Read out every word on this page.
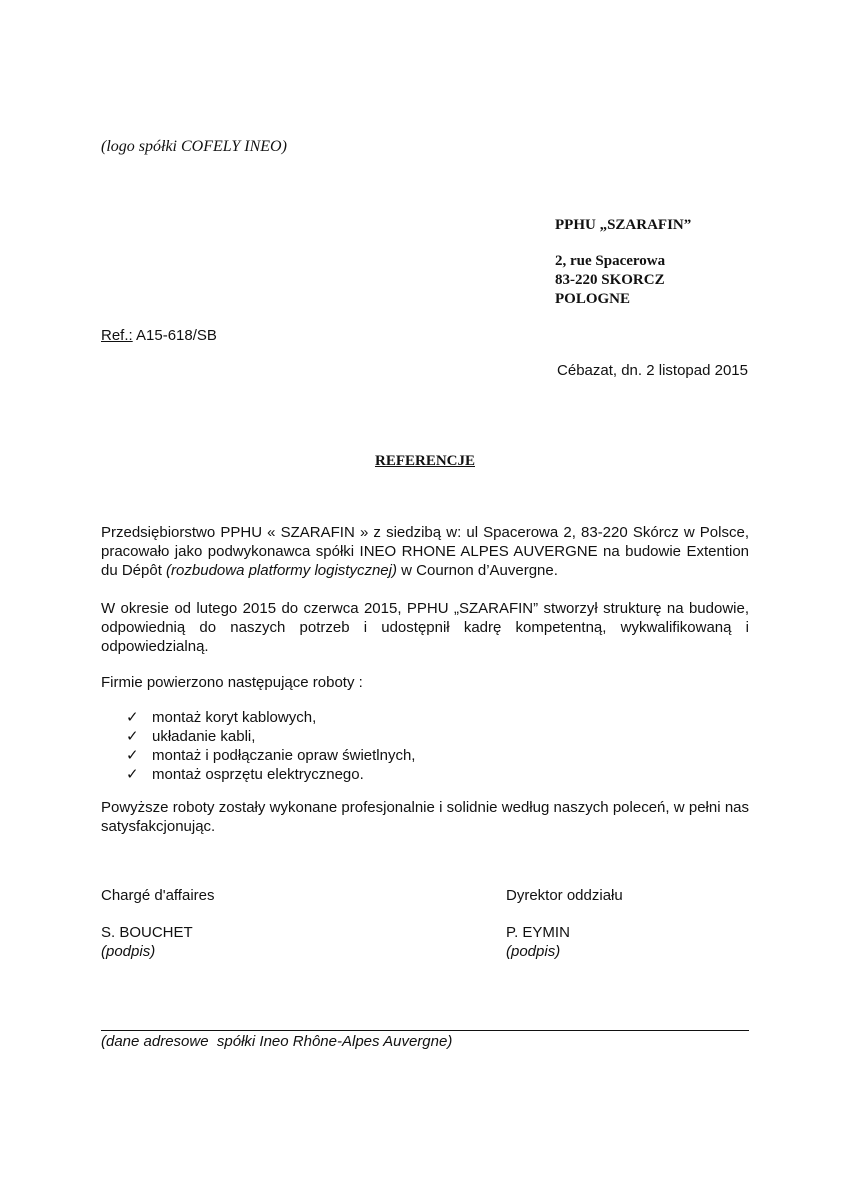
(logo spółki COFELY INEO)
PPHU „SZARAFIN”
2, rue Spacerowa
83-220 SKORCZ
POLOGNE
Ref.: A15-618/SB
Cébazat, dn. 2 listopad 2015
REFERENCJE
Przedsiębiorstwo PPHU « SZARAFIN » z siedzibą w: ul Spacerowa 2, 83-220 Skórcz w Polsce, pracowało jako podwykonawca spółki INEO RHONE ALPES AUVERGNE na budowie Extention du Dépôt (rozbudowa platformy logistycznej) w Cournon d’Auvergne.
W okresie od lutego 2015 do czerwca 2015, PPHU „SZARAFIN” stworzył strukturę na budowie, odpowiednią do naszych potrzeb i udostępnił kadrę kompetentną, wykwalifikowaną i odpowiedzialną.
Firmie powierzono następujące roboty :
✓ montaż koryt kablowych,
✓ układanie kabli,
✓ montaż i podłączanie opraw świetlnych,
✓ montaż osprzętu elektrycznego.
Powyższe roboty zostały wykonane profesjonalnie i solidnie według naszych poleceń, w pełni nas satysfakcjonując.
Chargé d'affaires	Dyrektor oddziału
S. BOUCHET
(podpis)
P. EYMIN
(podpis)
(dane adresowe  spółki Ineo Rhône-Alpes Auvergne)
